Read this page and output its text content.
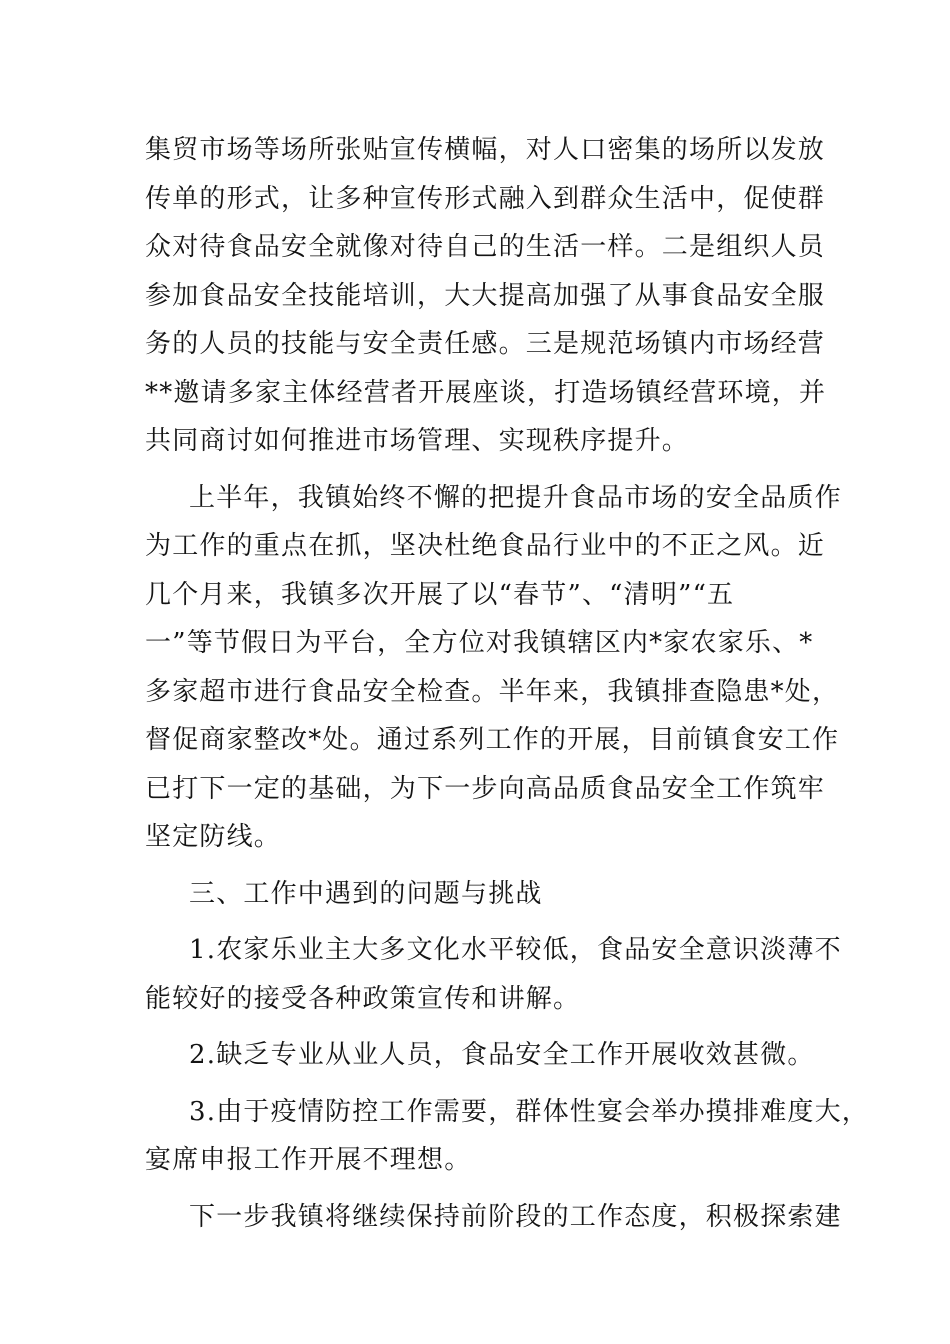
集贸市场等场所张贴宣传横幅，对人口密集的场所以发放
传单的形式，让多种宣传形式融入到群众生活中，促使群
众对待食品安全就像对待自己的生活一样。二是组织人员
参加食品安全技能培训，大大提高加强了从事食品安全服
务的人员的技能与安全责任感。三是规范场镇内市场经营
**邀请多家主体经营者开展座谈，打造场镇经营环境，并
共同商讨如何推进市场管理、实现秩序提升。
上半年，我镇始终不懈的把提升食品市场的安全品质作
为工作的重点在抓，坚决杜绝食品行业中的不正之风。近
几个月来，我镇多次开展了以“春节”、“清明”“五
一”等节假日为平台，全方位对我镇辖区内*家农家乐、*
多家超市进行食品安全检查。半年来，我镇排查隐患*处，
督促商家整改*处。通过系列工作的开展，目前镇食安工作
已打下一定的基础，为下一步向高品质食品安全工作筑牢
坚定防线。
三、工作中遇到的问题与挑战
1.农家乐业主大多文化水平较低，食品安全意识淡薄不
能较好的接受各种政策宣传和讲解。
2.缺乏专业从业人员，食品安全工作开展收效甚微。
3.由于疫情防控工作需要，群体性宴会举办摸排难度大，
宴席申报工作开展不理想。
下一步我镇将继续保持前阶段的工作态度，积极探索建
